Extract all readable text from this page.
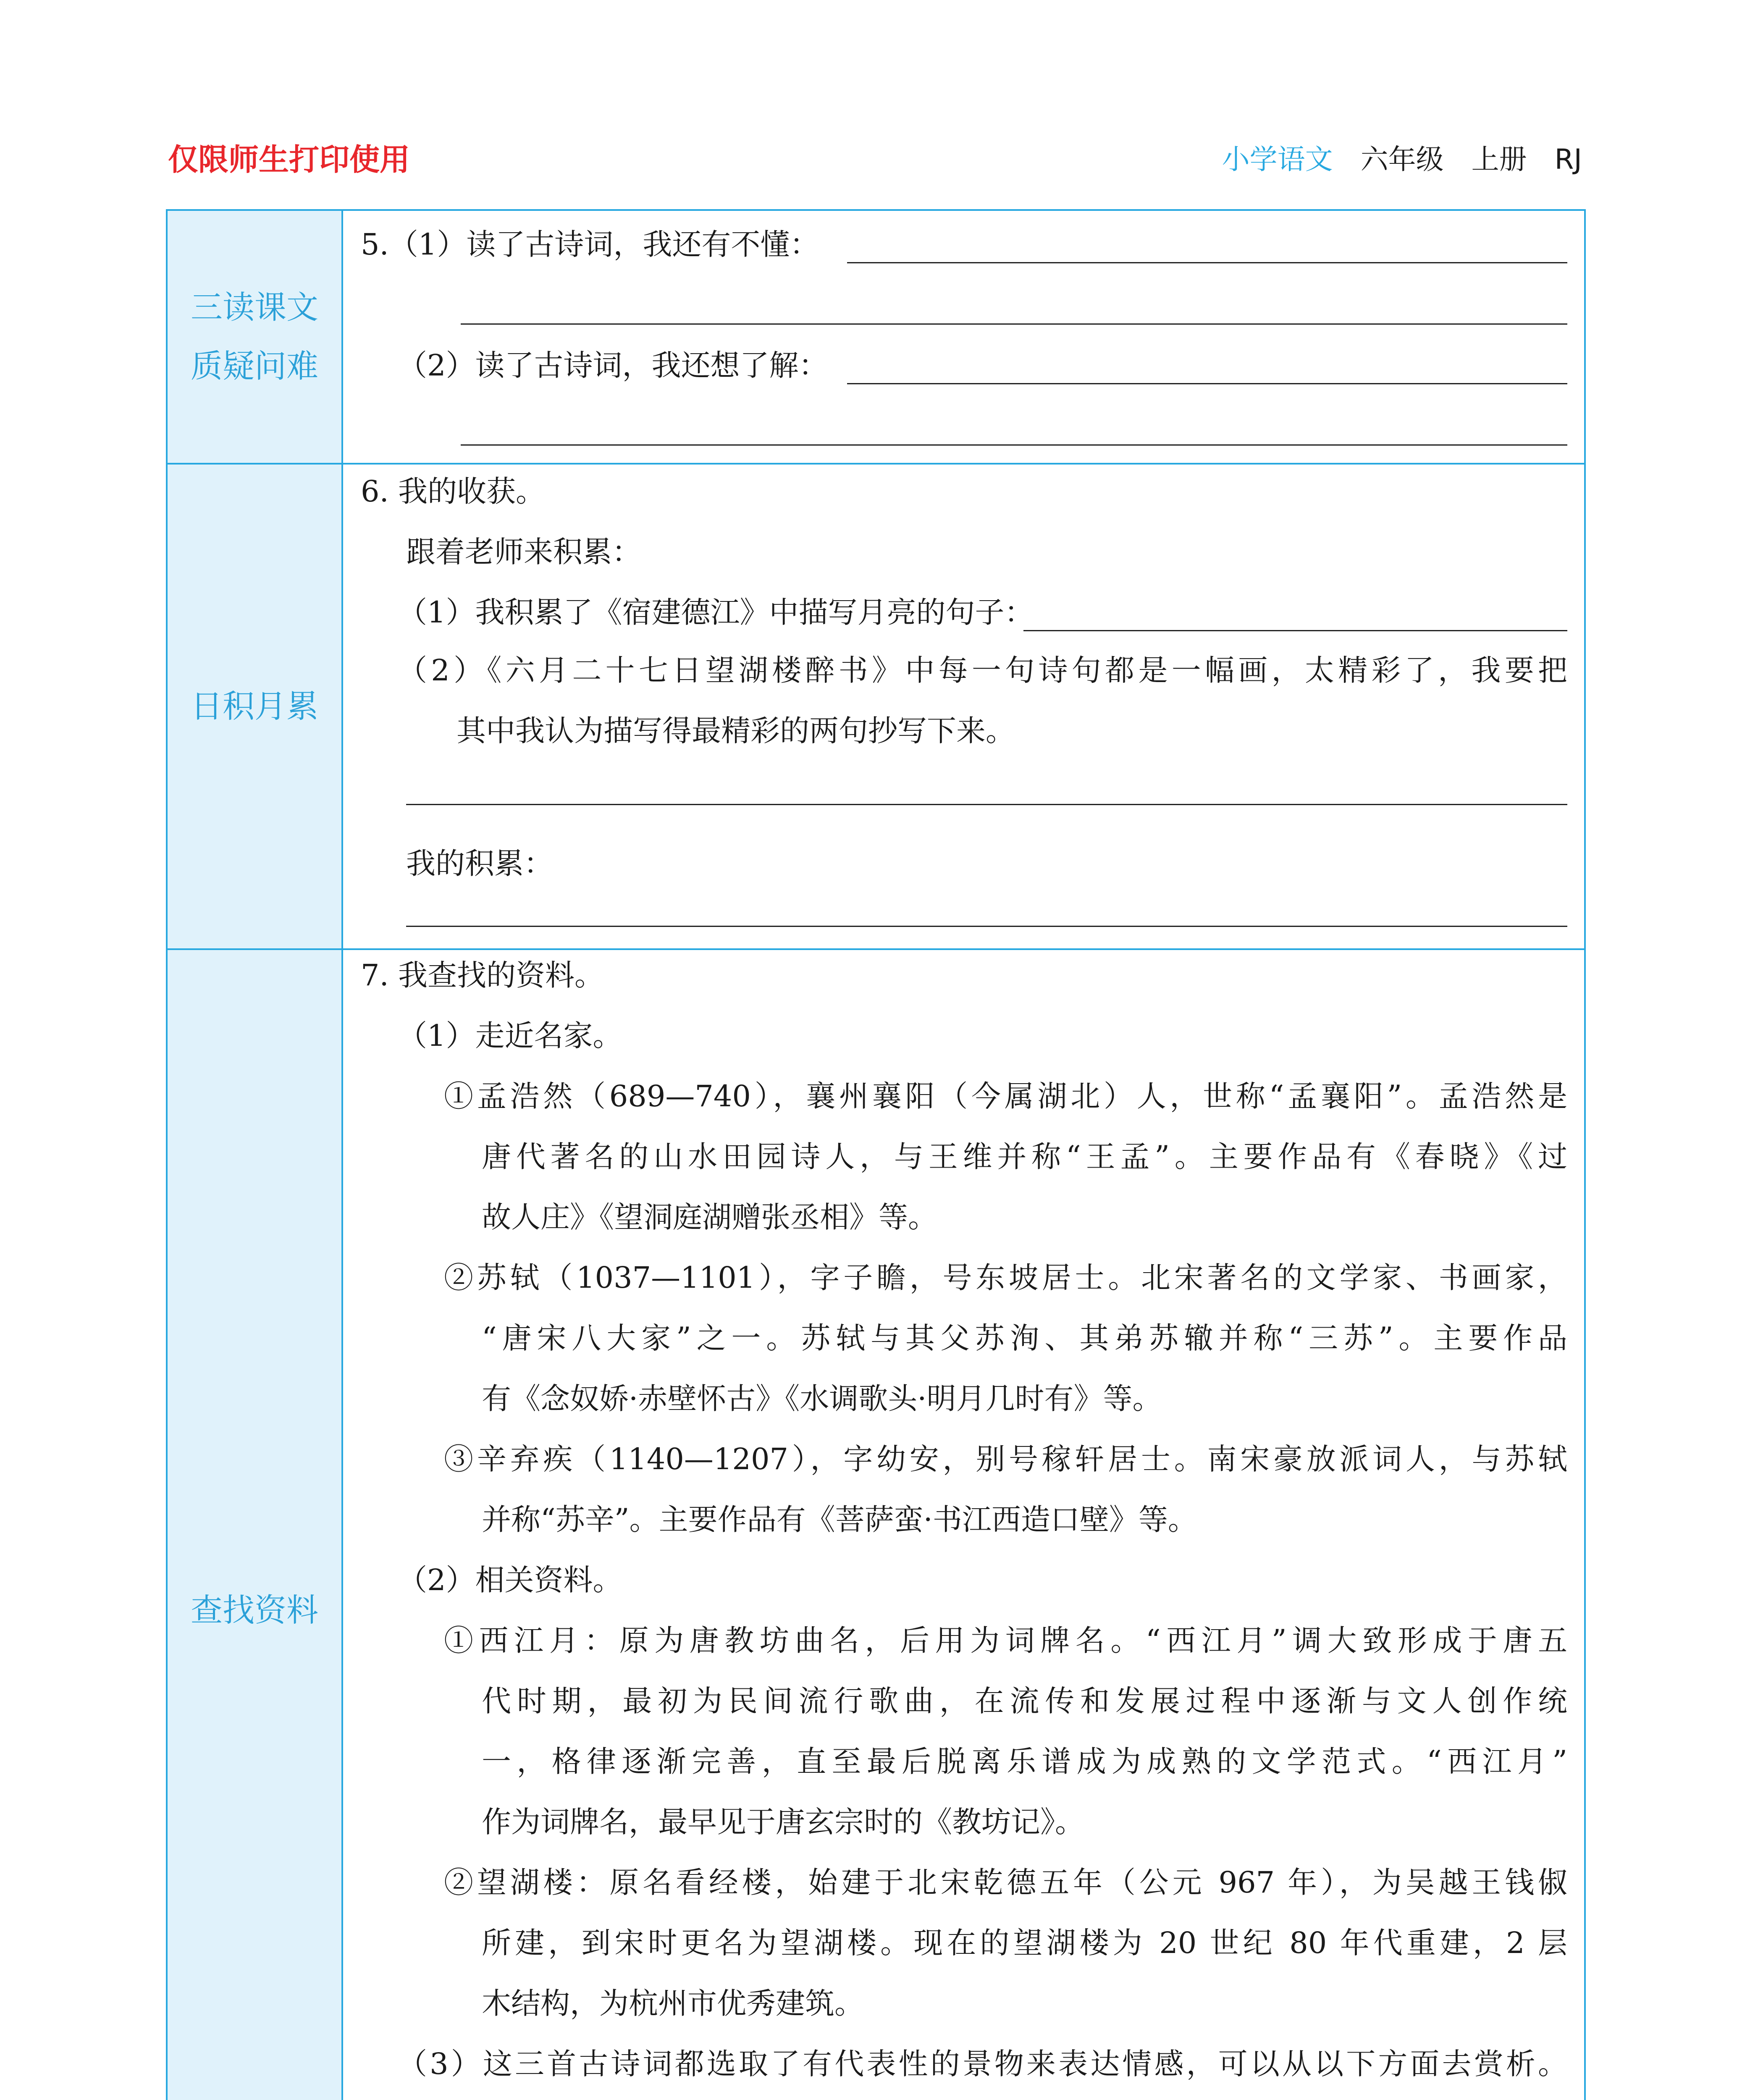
仅限师生打印使用	小学语文 六年级 上册 RJ
三读课文
质疑问难
5.（1）读了古诗词，我还有不懂：
（2）读了古诗词，我还想了解：
日积月累
6. 我的收获。
跟着老师来积累：
（1）我积累了《宿建德江》中描写月亮的句子：
（2）《六月二十七日望湖楼醉书》中每一句诗句都是一幅画，太精彩了，我要把
其中我认为描写得最精彩的两句抄写下来。
我的积累：
查找资料
7. 我查找的资料。
（1）走近名家。
①孟浩然（689—740），襄州襄阳（今属湖北）人，世称“孟襄阳”。孟浩然是
唐代著名的山水田园诗人，与王维并称“王孟”。主要作品有《春晓》《过
故人庄》《望洞庭湖赠张丞相》等。
②苏轼（1037—1101），字子瞻，号东坡居士。北宋著名的文学家、书画家，
“唐宋八大家”之一。苏轼与其父苏洵、其弟苏辙并称“三苏”。主要作品
有《念奴娇·赤壁怀古》《水调歌头·明月几时有》等。
③辛弃疾（1140—1207），字幼安，别号稼轩居士。南宋豪放派词人，与苏轼
并称“苏辛”。主要作品有《菩萨蛮·书江西造口壁》等。
（2）相关资料。
①西江月：原为唐教坊曲名，后用为词牌名。“西江月”调大致形成于唐五
代时期，最初为民间流行歌曲，在流传和发展过程中逐渐与文人创作统
一，格律逐渐完善，直至最后脱离乐谱成为成熟的文学范式。“西江月”
作为词牌名，最早见于唐玄宗时的《教坊记》。
②望湖楼：原名看经楼，始建于北宋乾德五年（公元 967 年），为吴越王钱俶
所建，到宋时更名为望湖楼。现在的望湖楼为 20 世纪 80 年代重建，2 层
木结构，为杭州市优秀建筑。
（3）这三首古诗词都选取了有代表性的景物来表达情感，可以从以下方面去赏析。
